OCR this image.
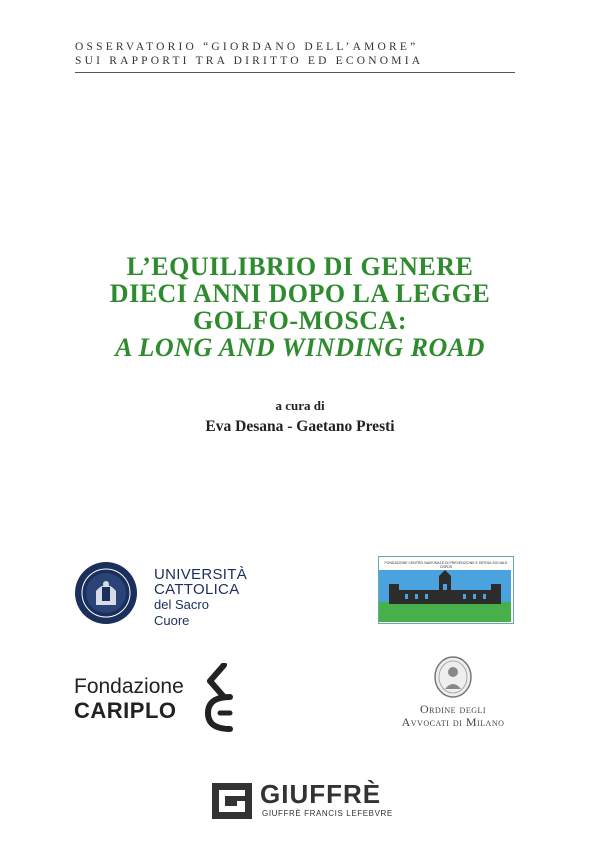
OSSERVATORIO “GIORDANO DELL’AMORE”
SUI RAPPORTI TRA DIRITTO ED ECONOMIA
L’EQUILIBRIO DI GENERE
DIECI ANNI DOPO LA LEGGE
GOLFO-MOSCA:
A LONG AND WINDING ROAD
a cura di
Eva Desana - Gaetano Presti
UNIVERSITÀ
CATTOLICA
del Sacro Cuore
FONDAZIONE CENTRO NAZIONALE DI PREVENZIONE E DIFESA SOCIALE CNPDS
Fondazione
CARIPLO	Ordine degli
Avvocati di Milano
GIUFFRÈ
GIUFFRÈ FRANCIS LEFEBVRE
